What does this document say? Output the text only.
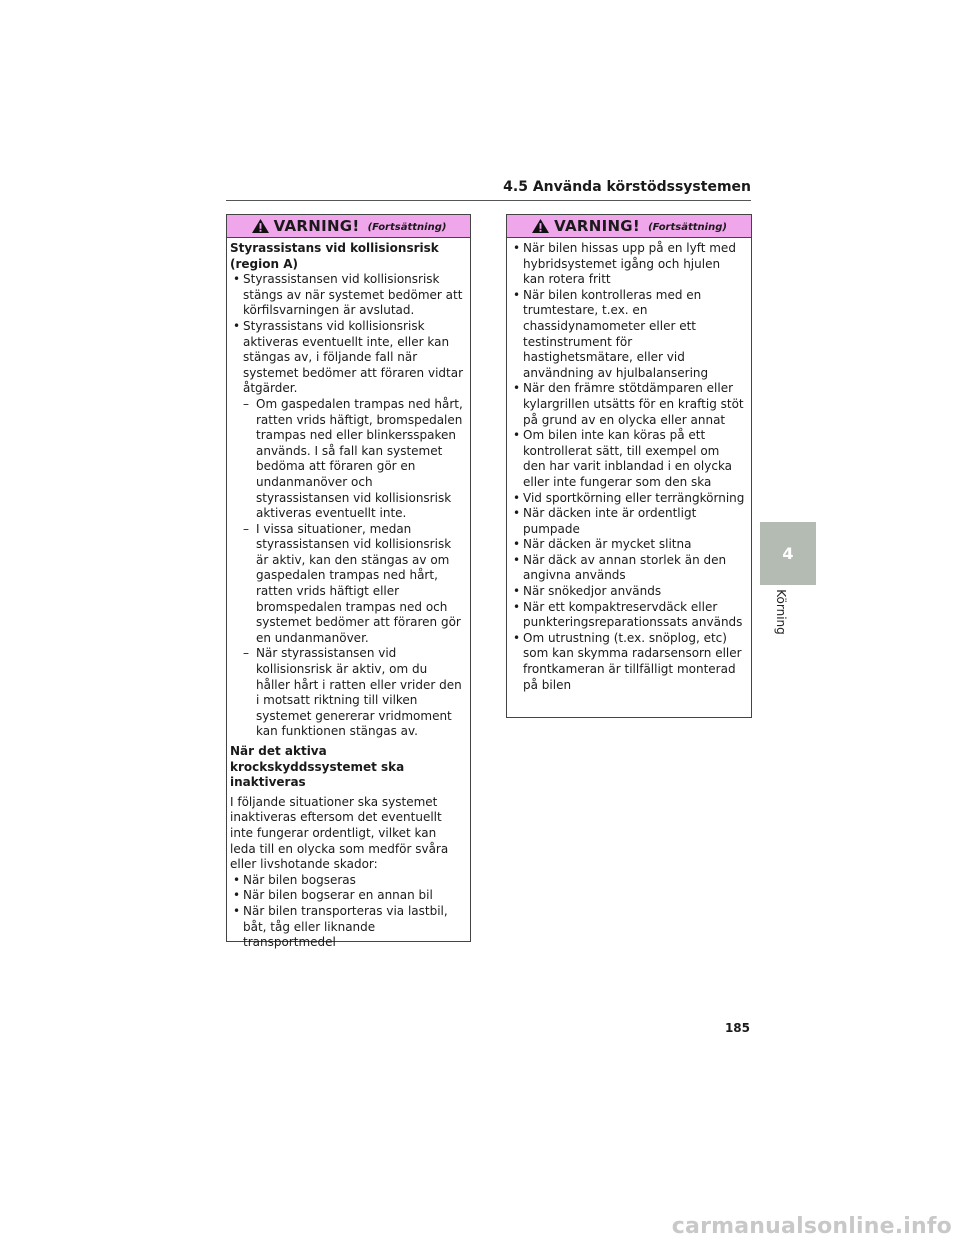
4.5 Använda körstödssystemen
VARNING! (Fortsättning)

Styrassistans vid kollisionsrisk (region A)

• Styrassistansen vid kollisionsrisk stängs av när systemet bedömer att körfilsvarningen är avslutad.

• Styrassistans vid kollisionsrisk aktiveras eventuellt inte, eller kan stängas av, i följande fall när systemet bedömer att föraren vidtar åtgärder.

– Om gaspedalen trampas ned hårt, ratten vrids häftigt, bromspedalen trampas ned eller blinkersspaken används. I så fall kan systemet bedöma att föraren gör en undanmanöver och styrassistansen vid kollisionsrisk aktiveras eventuellt inte.

– I vissa situationer, medan styrassistansen vid kollisionsrisk är aktiv, kan den stängas av om gaspedalen trampas ned hårt, ratten vrids häftigt eller bromspedalen trampas ned och systemet bedömer att föraren gör en undanmanöver.

– När styrassistansen vid kollisionsrisk är aktiv, om du håller hårt i ratten eller vrider den i motsatt riktning till vilken systemet genererar vridmoment kan funktionen stängas av.

När det aktiva krockskyddssystemet ska inaktiveras

I följande situationer ska systemet inaktiveras eftersom det eventuellt inte fungerar ordentligt, vilket kan leda till en olycka som medför svåra eller livshotande skador:

• När bilen bogseras

• När bilen bogserar en annan bil

• När bilen transporteras via lastbil, båt, tåg eller liknande transportmedel

VARNING! (Fortsättning)

• När bilen hissas upp på en lyft med hybridsystemet igång och hjulen kan rotera fritt

• När bilen kontrolleras med en trumtestare, t.ex. en chassidynamometer eller ett testinstrument för hastighetsmätare, eller vid användning av hjulbalansering

• När den främre stötdämparen eller kylargrillen utsätts för en kraftig stöt på grund av en olycka eller annat

• Om bilen inte kan köras på ett kontrollerat sätt, till exempel om den har varit inblandad i en olycka eller inte fungerar som den ska

• Vid sportkörning eller terrängkörning

• När däcken inte är ordentligt pumpade

• När däcken är mycket slitna

• När däck av annan storlek än den angivna används

• När snökedjor används

• När ett kompaktreservdäck eller punkteringsreparationssats används

• Om utrustning (t.ex. snöplog, etc) som kan skymma radarsensorn eller frontkameran är tillfälligt monterad på bilen

4
Körning
185
carmanualsonline.info
